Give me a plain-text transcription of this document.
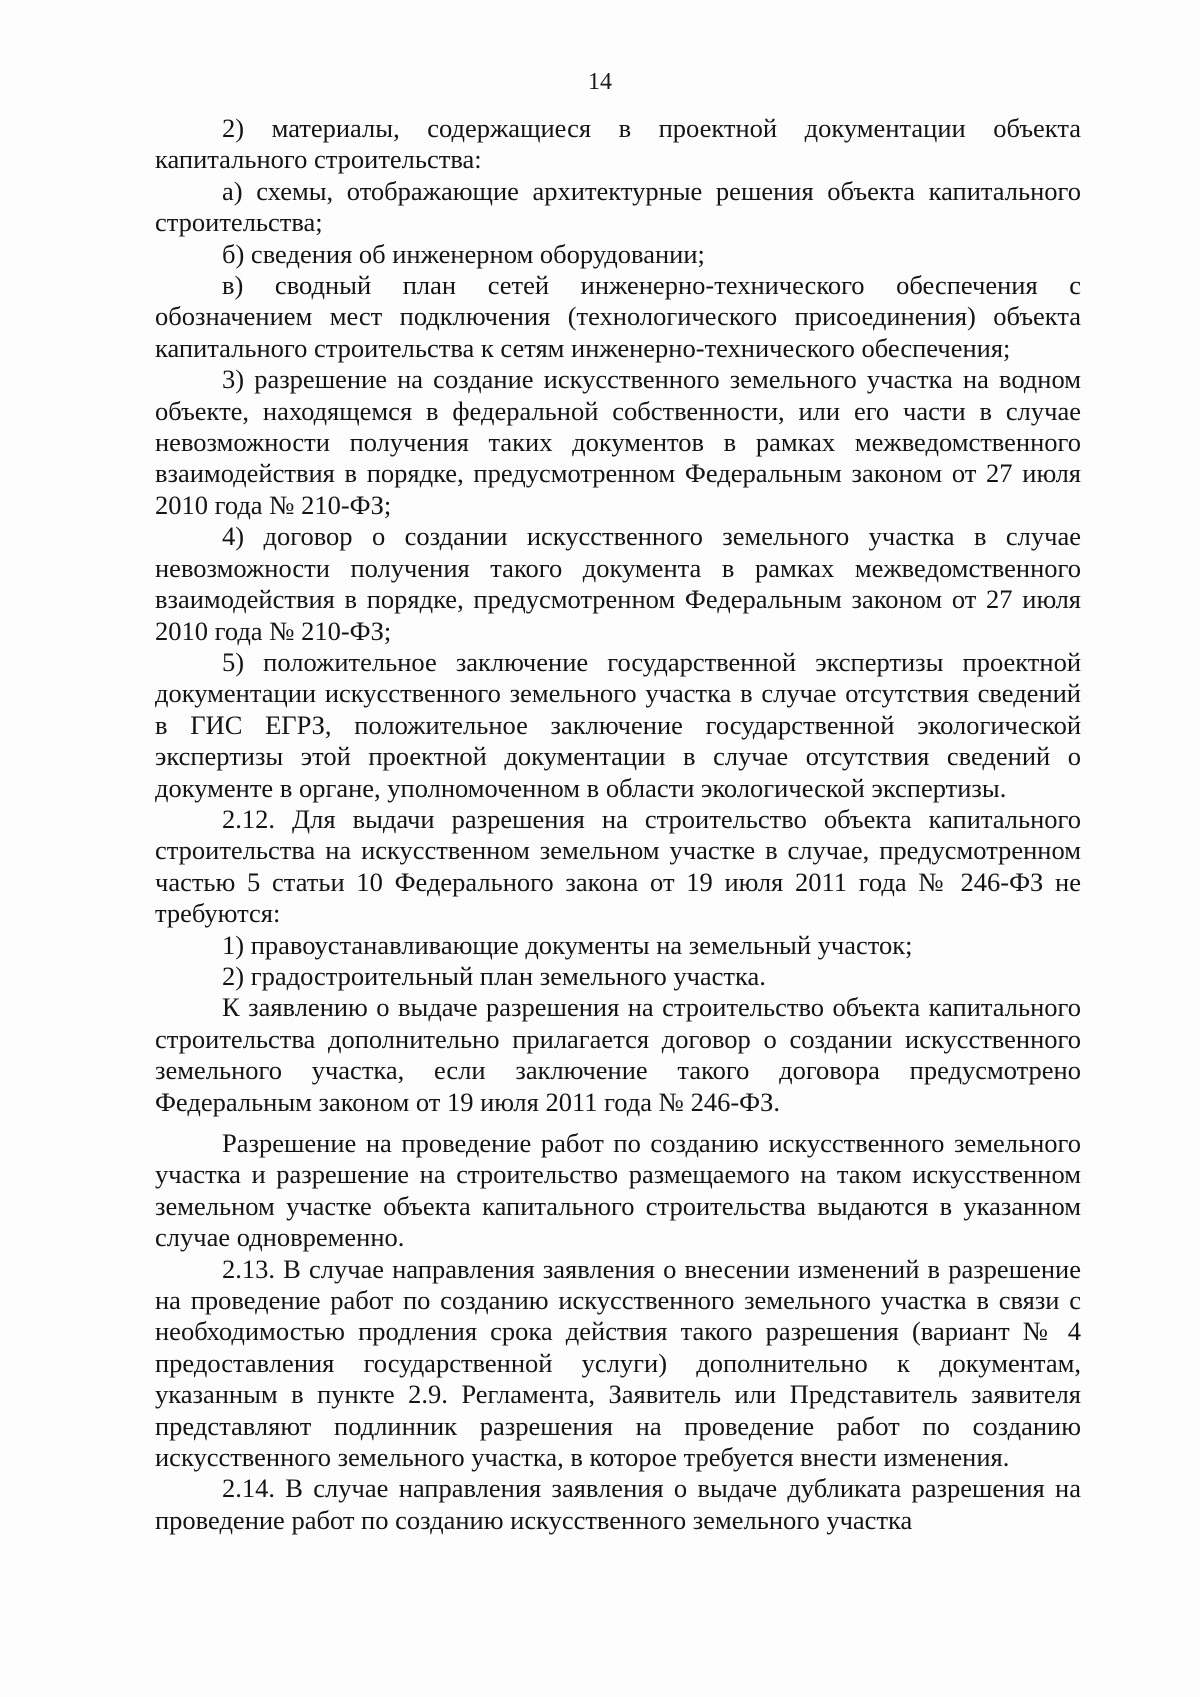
14

2) материалы, содержащиеся в проектной документации объекта капитального строительства:

а) схемы, отображающие архитектурные решения объекта капитального строительства;

б) сведения об инженерном оборудовании;

в) сводный план сетей инженерно-технического обеспечения с обозначением мест подключения (технологического присоединения) объекта капитального строительства к сетям инженерно-технического обеспечения;

3) разрешение на создание искусственного земельного участка на водном объекте, находящемся в федеральной собственности, или его части в случае невозможности получения таких документов в рамках межведомственного взаимодействия в порядке, предусмотренном Федеральным законом от 27 июля 2010 года № 210-ФЗ;

4) договор о создании искусственного земельного участка в случае невозможности получения такого документа в рамках межведомственного взаимодействия в порядке, предусмотренном Федеральным законом от 27 июля 2010 года № 210-ФЗ;

5) положительное заключение государственной экспертизы проектной документации искусственного земельного участка в случае отсутствия сведений в ГИС ЕГРЗ, положительное заключение государственной экологической экспертизы этой проектной документации в случае отсутствия сведений о документе в органе, уполномоченном в области экологической экспертизы.

2.12. Для выдачи разрешения на строительство объекта капитального строительства на искусственном земельном участке в случае, предусмотренном частью 5 статьи 10 Федерального закона от 19 июля 2011 года № 246-ФЗ не требуются:

1) правоустанавливающие документы на земельный участок;

2) градостроительный план земельного участка.

К заявлению о выдаче разрешения на строительство объекта капитального строительства дополнительно прилагается договор о создании искусственного земельного участка, если заключение такого договора предусмотрено Федеральным законом от 19 июля 2011 года № 246-ФЗ.

Разрешение на проведение работ по созданию искусственного земельного участка и разрешение на строительство размещаемого на таком искусственном земельном участке объекта капитального строительства выдаются в указанном случае одновременно.

2.13. В случае направления заявления о внесении изменений в разрешение на проведение работ по созданию искусственного земельного участка в связи с необходимостью продления срока действия такого разрешения (вариант № 4 предоставления государственной услуги) дополнительно к документам, указанным в пункте 2.9. Регламента, Заявитель или Представитель заявителя представляют подлинник разрешения на проведение работ по созданию искусственного земельного участка, в которое требуется внести изменения.

2.14. В случае направления заявления о выдаче дубликата разрешения на проведение работ по созданию искусственного земельного участка
